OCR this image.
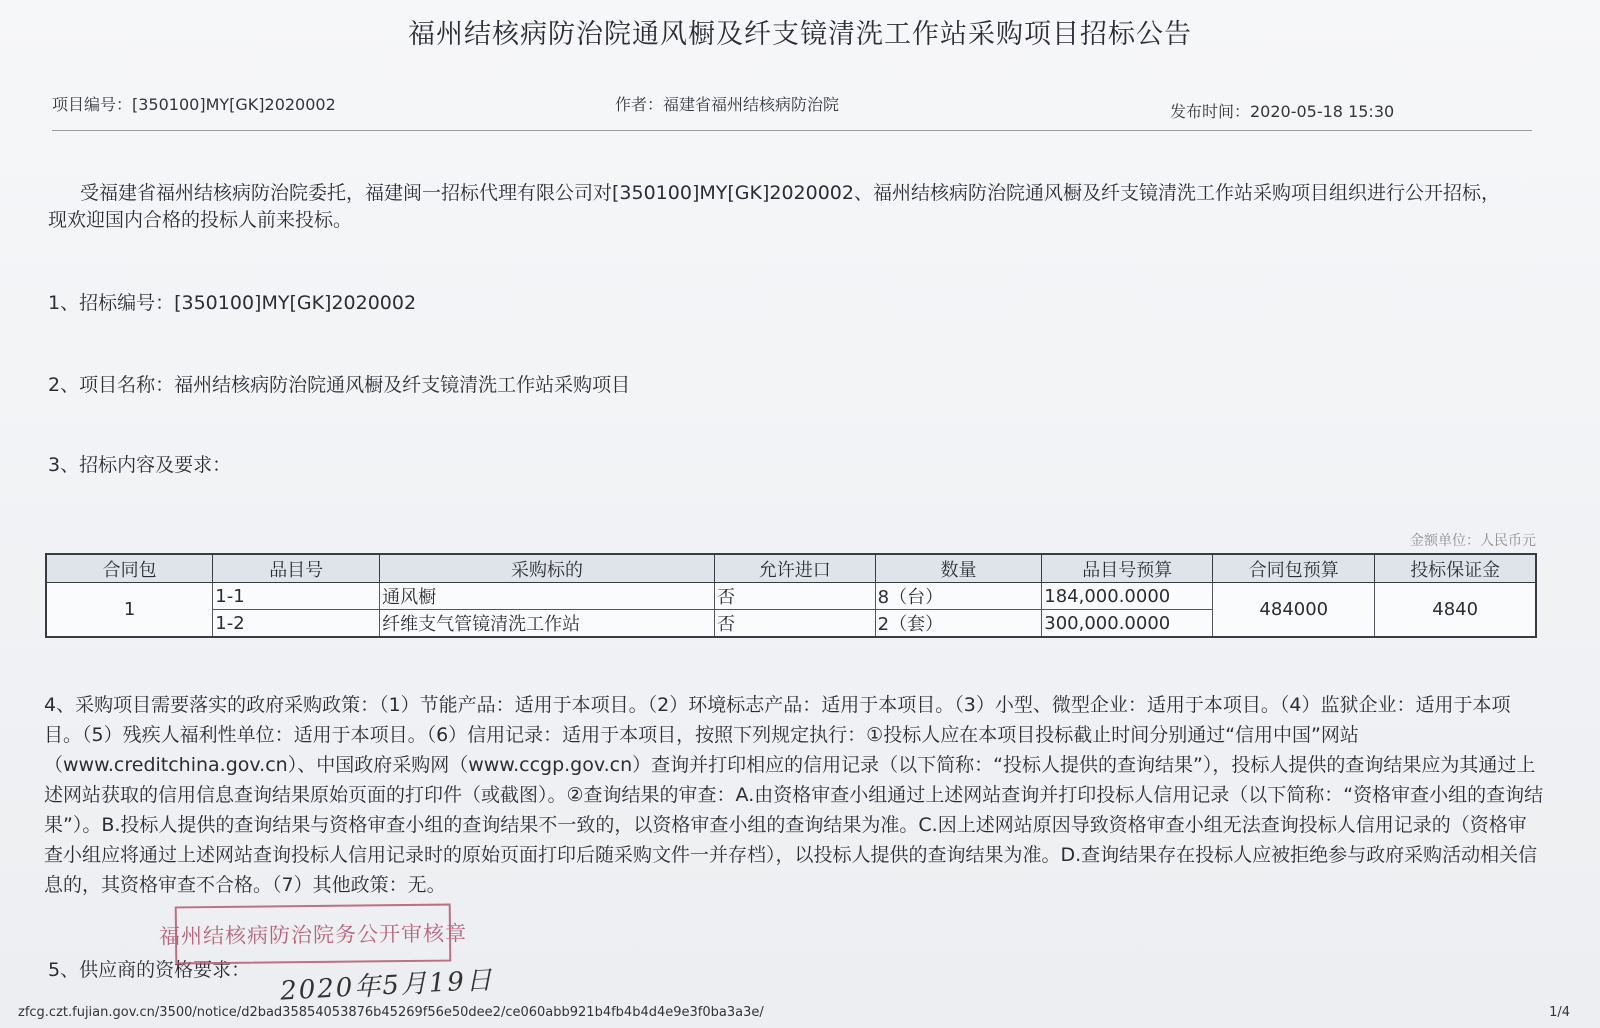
福州结核病防治院通风橱及纤支镜清洗工作站采购项目招标公告
项目编号：[350100]MY[GK]2020002	作者：福建省福州结核病防治院	发布时间：2020-05-18 15:30
受福建省福州结核病防治院委托，福建闽一招标代理有限公司对[350100]MY[GK]2020002、福州结核病防治院通风橱及纤支镜清洗工作站采购项目组织进行公开招标，现欢迎国内合格的投标人前来投标。
1、招标编号：[350100]MY[GK]2020002
2、项目名称：福州结核病防治院通风橱及纤支镜清洗工作站采购项目
3、招标内容及要求：
金额单位：人民币元
合同包	品目号	采购标的	允许进口	数量	品目号预算	合同包预算	投标保证金
1	1-1	通风橱	否	8（台）	184,000.0000	484000	4840
	1-2	纤维支气管镜清洗工作站	否	2（套）	300,000.0000		
4、采购项目需要落实的政府采购政策：（1）节能产品：适用于本项目。（2）环境标志产品：适用于本项目。（3）小型、微型企业：适用于本项目。（4）监狱企业：适用于本项目。（5）残疾人福利性单位：适用于本项目。（6）信用记录：适用于本项目，按照下列规定执行：①投标人应在本项目投标截止时间分别通过“信用中国”网站（www.creditchina.gov.cn）、中国政府采购网（www.ccgp.gov.cn）查询并打印相应的信用记录（以下简称：“投标人提供的查询结果”），投标人提供的查询结果应为其通过上述网站获取的信用信息查询结果原始页面的打印件（或截图）。②查询结果的审查：A.由资格审查小组通过上述网站查询并打印投标人信用记录（以下简称：“资格审查小组的查询结果”）。B.投标人提供的查询结果与资格审查小组的查询结果不一致的，以资格审查小组的查询结果为准。C.因上述网站原因导致资格审查小组无法查询投标人信用记录的（资格审查小组应将通过上述网站查询投标人信用记录时的原始页面打印后随采购文件一并存档），以投标人提供的查询结果为准。D.查询结果存在投标人应被拒绝参与政府采购活动相关信息的，其资格审查不合格。（7）其他政策：无。
5、供应商的资格要求：
福州结核病防治院务公开审核章
2020年5月19日
zfcg.czt.fujian.gov.cn/3500/notice/d2bad35854053876b45269f56e50dee2/ce060abb921b4fb4b4d4e9e3f0ba3a3e/	1/4
